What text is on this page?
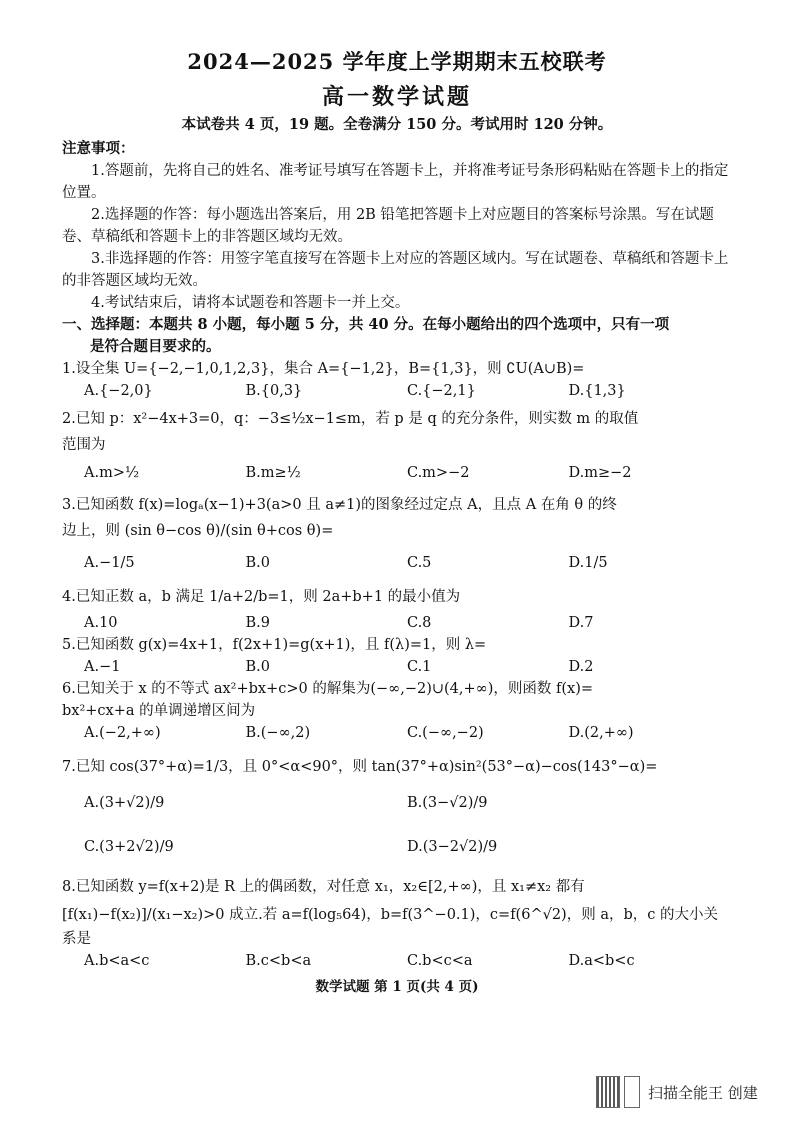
2024—2025 学年度上学期期末五校联考
高一数学试题
本试卷共 4 页，19 题。全卷满分 150 分。考试用时 120 分钟。

注意事项：

1.答题前，先将自己的姓名、准考证号填写在答题卡上，并将准考证号条形码粘贴在答题卡上的指定位置。

2.选择题的作答：每小题选出答案后，用 2B 铅笔把答题卡上对应题目的答案标号涂黑。写在试题卷、草稿纸和答题卡上的非答题区域均无效。

3.非选择题的作答：用签字笔直接写在答题卡上对应的答题区域内。写在试题卷、草稿纸和答题卡上的非答题区域均无效。

4.考试结束后，请将本试题卷和答题卡一并上交。

一、选择题：本题共 8 小题，每小题 5 分，共 40 分。在每小题给出的四个选项中，只有一项
是符合题目要求的。

1.设全集 U={−2,−1,0,1,2,3}，集合 A={−1,2}，B={1,3}，则 ∁U(A∪B)=

A.{−2,0}	B.{0,3}	C.{−2,1}	D.{1,3}

2.已知 p：x²−4x+3=0，q：−3≤½x−1≤m，若 p 是 q 的充分条件，则实数 m 的取值

范围为

A.m>½	B.m≥½	C.m>−2	D.m≥−2

3.已知函数 f(x)=logₐ(x−1)+3(a>0 且 a≠1)的图象经过定点 A，且点 A 在角 θ 的终

边上，则 (sin θ−cos θ)/(sin θ+cos θ)=

A.−1/5	B.0	C.5	D.1/5

4.已知正数 a，b 满足 1/a+2/b=1，则 2a+b+1 的最小值为

A.10	B.9	C.8	D.7

5.已知函数 g(x)=4x+1，f(2x+1)=g(x+1)，且 f(λ)=1，则 λ=

A.−1	B.0	C.1	D.2

6.已知关于 x 的不等式 ax²+bx+c>0 的解集为(−∞,−2)∪(4,+∞)，则函数 f(x)=

bx²+cx+a 的单调递增区间为

A.(−2,+∞)	B.(−∞,2)	C.(−∞,−2)	D.(2,+∞)

7.已知 cos(37°+α)=1/3，且 0°<α<90°，则 tan(37°+α)sin²(53°−α)−cos(143°−α)=

A.(3+√2)/9	B.(3−√2)/9
C.(3+2√2)/9	D.(3−2√2)/9

8.已知函数 y=f(x+2)是 R 上的偶函数，对任意 x₁，x₂∈[2,+∞)，且 x₁≠x₂ 都有

[f(x₁)−f(x₂)]/(x₁−x₂)>0 成立.若 a=f(log₅64)，b=f(3^−0.1)，c=f(6^√2)，则 a，b，c 的大小关

系是

A.b<a<c	B.c<b<a	C.b<c<a	D.a<b<c
数学试题 第 1 页(共 4 页)
扫描全能王 创建
